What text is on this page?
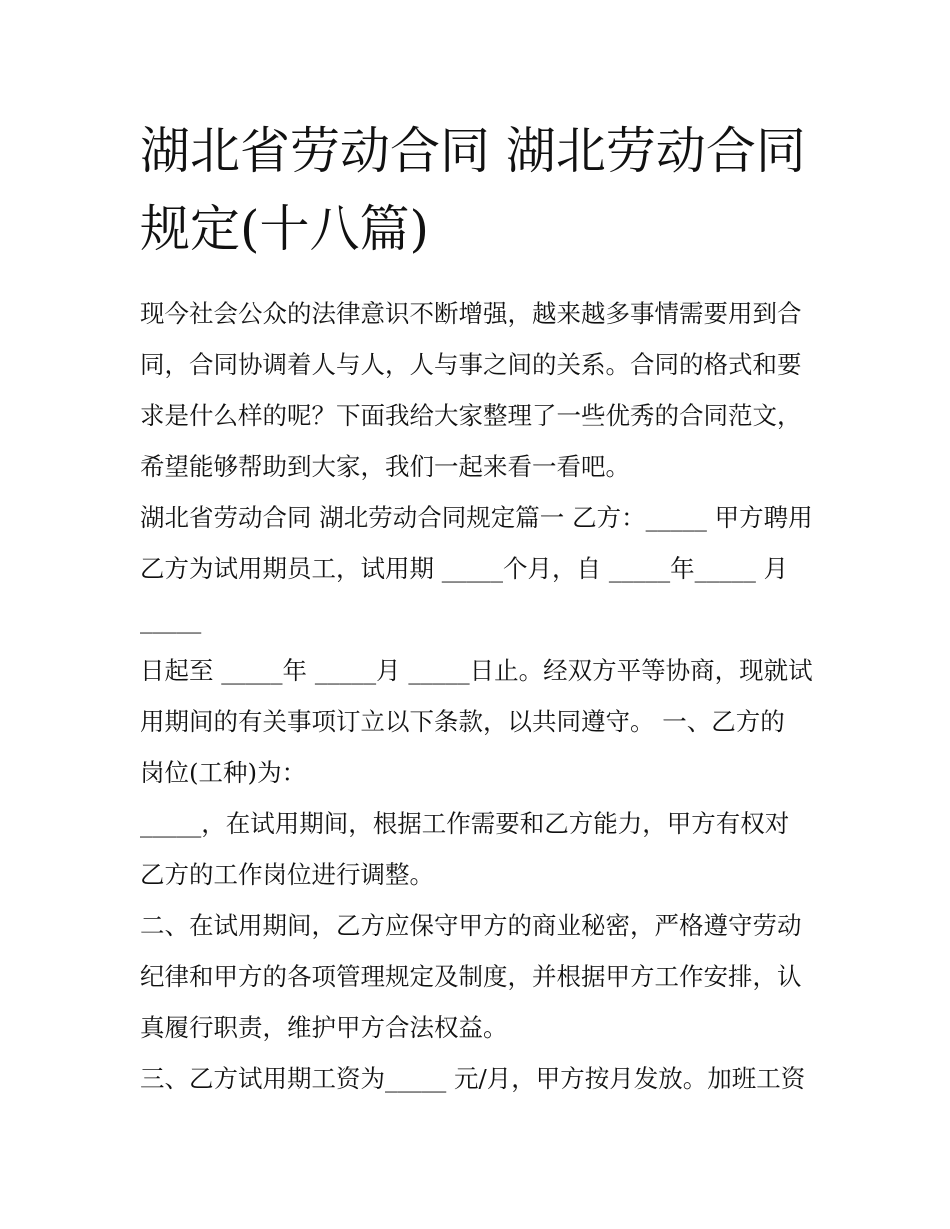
湖北省劳动合同 湖北劳动合同
规定(十八篇)
现今社会公众的法律意识不断增强，越来越多事情需要用到合
同，合同协调着人与人，人与事之间的关系。合同的格式和要
求是什么样的呢？下面我给大家整理了一些优秀的合同范文，
希望能够帮助到大家，我们一起来看一看吧。
湖北省劳动合同 湖北劳动合同规定篇一 乙方：_____ 甲方聘用
乙方为试用期员工，试用期 _____个月，自 _____年_____ 月
_____
日起至 _____年 _____月 _____日止。经双方平等协商，现就试
用期间的有关事项订立以下条款，以共同遵守。 一、乙方的
岗位(工种)为：
_____，在试用期间，根据工作需要和乙方能力，甲方有权对
乙方的工作岗位进行调整。
二、在试用期间，乙方应保守甲方的商业秘密，严格遵守劳动
纪律和甲方的各项管理规定及制度，并根据甲方工作安排，认
真履行职责，维护甲方合法权益。
三、乙方试用期工资为_____ 元/月，甲方按月发放。加班工资
